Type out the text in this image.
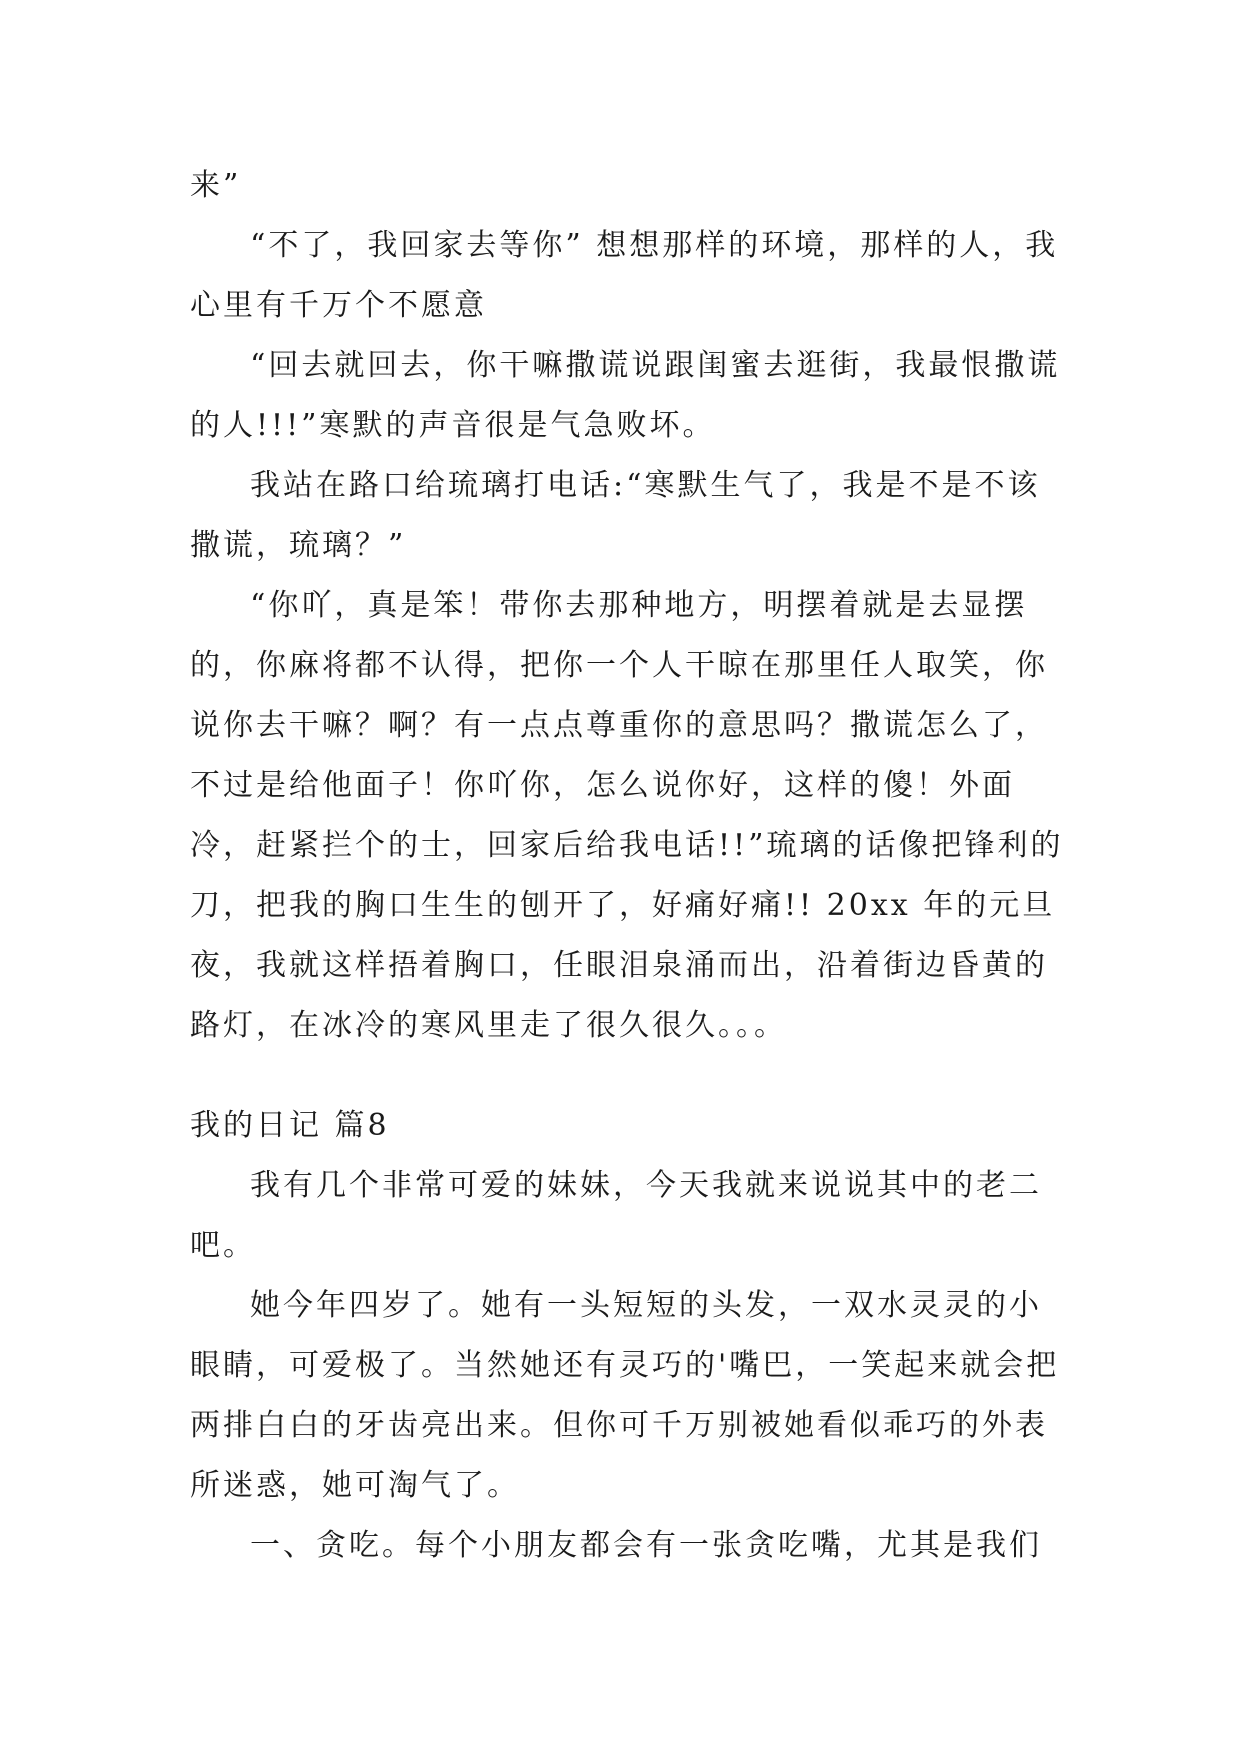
来”

“不了，我回家去等你” 想想那样的环境，那样的人，我心里有千万个不愿意

“回去就回去，你干嘛撒谎说跟闺蜜去逛街，我最恨撒谎的人!!!”寒默的声音很是气急败坏。

我站在路口给琉璃打电话:“寒默生气了，我是不是不该撒谎，琉璃？”

“你吖，真是笨！带你去那种地方，明摆着就是去显摆的，你麻将都不认得，把你一个人干晾在那里任人取笑，你说你去干嘛？啊？有一点点尊重你的意思吗？撒谎怎么了，不过是给他面子！你吖你，怎么说你好，这样的傻！外面冷，赶紧拦个的士，回家后给我电话!!”琉璃的话像把锋利的刀，把我的胸口生生的刨开了，好痛好痛!! 20xx 年的元旦夜，我就这样捂着胸口，任眼泪泉涌而出，沿着街边昏黄的路灯，在冰冷的寒风里走了很久很久。。。

我的日记 篇8

我有几个非常可爱的妹妹，今天我就来说说其中的老二吧。

她今年四岁了。她有一头短短的头发，一双水灵灵的小眼睛，可爱极了。当然她还有灵巧的'嘴巴，一笑起来就会把两排白白的牙齿亮出来。但你可千万别被她看似乖巧的外表所迷惑，她可淘气了。

一、贪吃。每个小朋友都会有一张贪吃嘴，尤其是我们
